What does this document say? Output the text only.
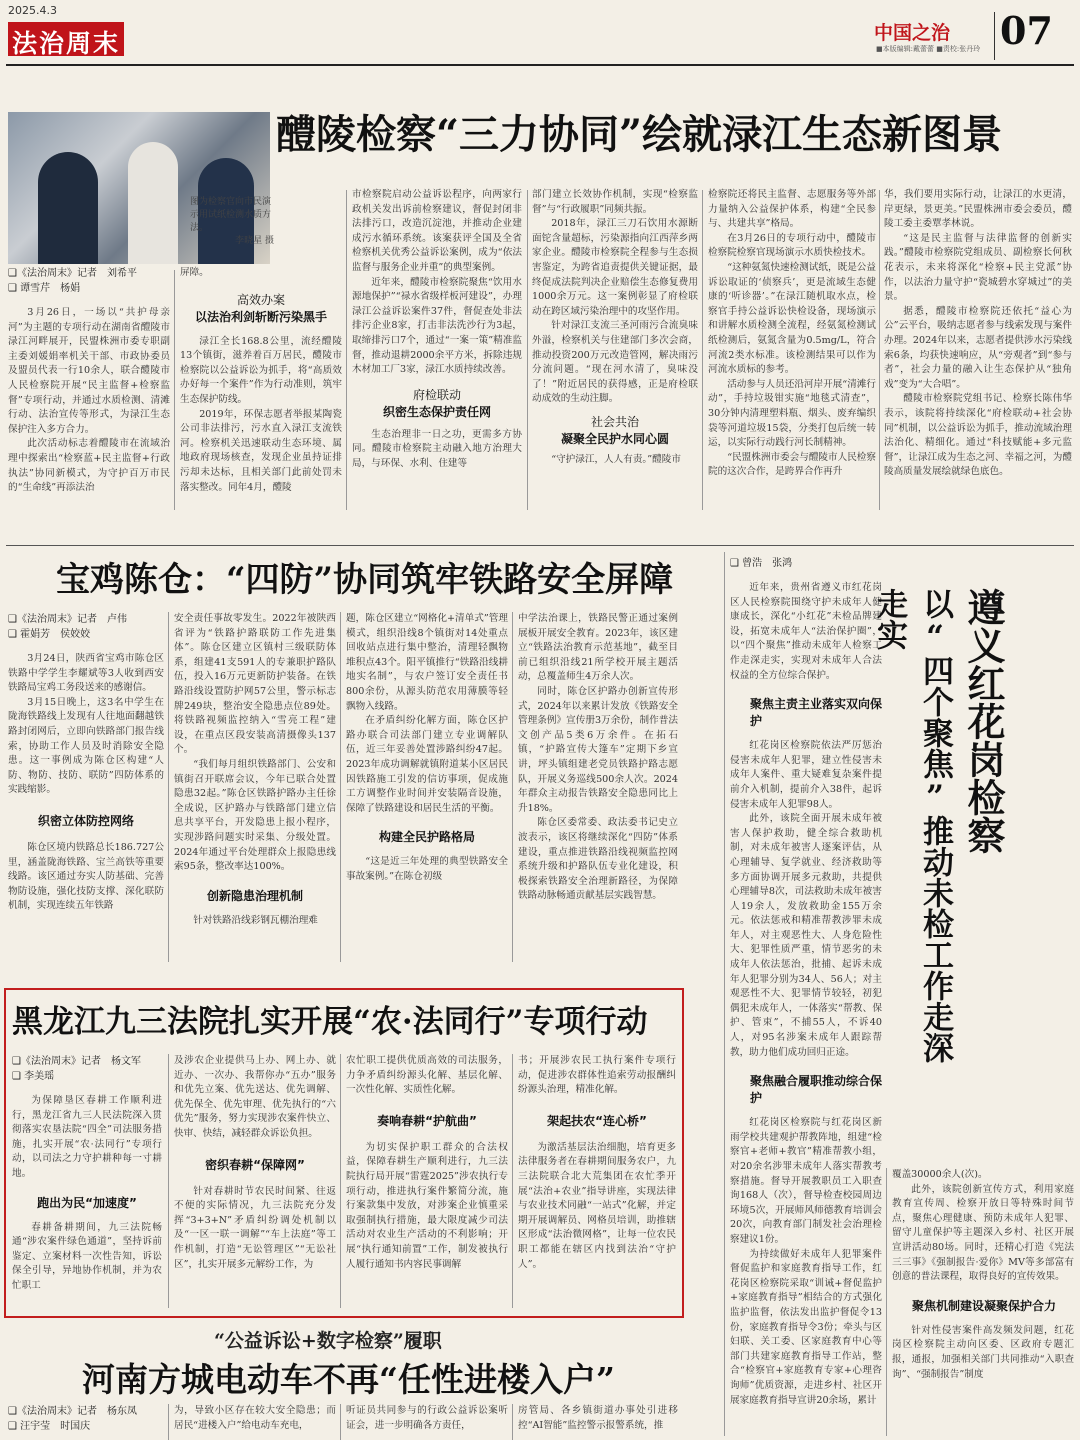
2025.4.3
法治周末	中国之治
■本版编辑:戴蕾蕾 ■责校:张丹玲 07
图为检察官向市民演示用试纸检测水质方法。

李晓星 摄
醴陵检察“三力协同”绘就渌江生态新图景
❑《法治周末》记者　刘希平
❑ 谭雪芹　杨娟

3月26日，一场以“共护母亲河”为主题的专项行动在湖南省醴陵市渌江河畔展开，民盟株洲市委专职副主委刘媛娟率机关干部、市政协委员及盟员代表一行10余人，联合醴陵市人民检察院开展“民主监督+检察监督”专项行动，并通过水质检测、清滩行动、法治宣传等形式，为渌江生态保护注入多方合力。

此次活动标志着醴陵市在流域治理中探索出“检察蓝+民主监督+行政执法”协同新模式，为守护百万市民的“生命线”再添法治

屏障。

高效办案
以法治利剑斩断污染黑手

渌江全长168.8公里，流经醴陵13个镇街，滋养着百万居民，醴陵市检察院以公益诉讼为抓手，将“高质效办好每一个案件”作为行动准则，筑牢生态保护防线。

2019年，环保志愿者举报某陶瓷公司非法排污，污水直入渌江支流铁河。检察机关迅速联动生态环境、属地政府现场核查，发现企业虽持证排污却未达标，且相关部门此前处罚未落实整改。同年4月，醴陵

市检察院启动公益诉讼程序，向两家行政机关发出诉前检察建议，督促封闭非法排污口，改造沉淀池，并推动企业建成污水循环系统。该案获评全国及全省检察机关优秀公益诉讼案例，成为“依法监督与服务企业并重”的典型案例。

近年来，醴陵市检察院聚焦“饮用水源地保护”“禄水省级样板河建设”，办理渌江公益诉讼案件37件，督促查处非法排污企业8家，打击非法洗沙行为3起，取缔排污口7个，通过“一案一策”精准监督，推动退耕2000余平方米，拆除违规木材加工厂3家，渌江水质持续改善。

府检联动
织密生态保护责任网

生态治理非一日之功，更需多方协同。醴陵市检察院主动融入地方治理大局，与环保、水利、住建等

部门建立长效协作机制，实现“检察监督”与“行政履职”同频共振。

2018年，渌江三刀石饮用水源断面铊含量超标，污染源指向江西萍乡两家企业。醴陵市检察院全程参与生态损害鉴定，为跨省追责提供关键证据，最终促成法院判决企业赔偿生态修复费用1000余万元。这一案例彰显了府检联动在跨区域污染治理中的攻坚作用。

针对渌江支流三圣河雨污合流臭味外溢，检察机关与住建部门多次会商，推动投资200万元改造管网，解决雨污分流问题。“现在河水清了，臭味没了！”附近居民的获得感，正是府检联动成效的生动注脚。

社会共治
凝聚全民护水同心圆

“守护渌江，人人有责。”醴陵市

检察院还将民主监督、志愿服务等外部力量纳入公益保护体系，构建“全民参与、共建共享”格局。

在3月26日的专项行动中，醴陵市检察院检察官现场演示水质快检技术。

“这种氨氮快速检测试纸，既是公益诉讼取证的‘侦察兵’，更是流域生态健康的‘听诊器’。”在渌江随机取水点，检察官手持公益诉讼快检设备，现场演示和讲解水质检测全流程，经氨氮检测试纸检测后，氨氮含量为0.5mg/L，符合河流2类水标准。该检测结果可以作为河流水质标的参考。

活动参与人员还沿河岸开展“清滩行动”，手持垃圾钳实施“地毯式清查”，30分钟内清理塑料瓶、烟头、废弃编织袋等河道垃圾15袋，分类打包后统一转运，以实际行动践行河长制精神。

“民盟株洲市委会与醴陵市人民检察院的这次合作，是跨界合作再升

华，我们要用实际行动，让渌江的水更清，岸更绿，景更美。”民盟株洲市委会委员，醴陵工委主委覃孝林说。

“这是民主监督与法律监督的创新实践。”醴陵市检察院党组成员、副检察长何秋花表示，未来将深化“检察+民主党派”协作，以法治力量守护“瓷城碧水穿城过”的美景。

据悉，醴陵市检察院还依托“益心为公”云平台，吸纳志愿者参与线索发现与案件办理。2024年以来，志愿者提供涉水污染线索6条，均获快速响应，从“旁观者”到“参与者”，社会力量的融入让生态保护从“独角戏”变为“大合唱”。

醴陵市检察院党组书记、检察长陈伟华表示，该院将持续深化“府检联动+社会协同”机制，以公益诉讼为抓手，推动流域治理法治化、精细化。通过“科技赋能+多元监督”，让渌江成为生态之河、幸福之河，为醴陵高质量发展绘就绿色底色。

宝鸡陈仓：“四防”协同筑牢铁路安全屏障
❑《法治周末》记者　卢伟
❑ 霍娟芳　侯姣姣

3月24日，陕西省宝鸡市陈仓区铁路中学学生李耀斌等3人收到西安铁路局宝鸡工务段送来的感谢信。

3月15日晚上，这3名中学生在陇海铁路线上发现有人往地面翻越铁路封闭网后，立即向铁路部门报告线索，协助工作人员及时消除安全隐患。这一事例成为陈仓区构建“人防、物防、技防、联防”四防体系的实践缩影。

织密立体防控网络

陈仓区境内铁路总长186.727公里，涵盖陇海铁路、宝兰高铁等重要线路。该区通过夯实人防基础、完善物防设施，强化技防支撑、深化联防机制，实现连续五年铁路

安全责任事故零发生。2022年被陕西省评为“铁路护路联防工作先进集体”。陈仓区建立区镇村三级联防体系，组建41支591人的专兼职护路队伍，投入16万元更新防护装备。在铁路沿线设置防护网57公里，警示标志牌249块，整治安全隐患点位89处。将铁路视频监控纳入“雪亮工程”建设，在重点区段安装高清摄像头137个。

“我们每月组织铁路部门、公安和镇街召开联席会议，今年已联合处置隐患32起。”陈仓区铁路护路办主任徐全成说，区护路办与铁路部门建立信息共享平台，开发隐患上报小程序，实现涉路问题实时采集、分级处置。2024年通过平台处理群众上报隐患线索95条，整改率达100%。

创新隐患治理机制

针对铁路沿线彩钢瓦棚治理难

题，陈仓区建立“网格化+清单式”管理模式，组织沿线8个镇街对14处重点回收站点进行集中整治，清理轻飘物堆积点43个。阳平镇推行“铁路沿线耕地实名制”，与农户签订安全责任书800余份，从源头防范农用薄膜等轻飘物入线路。

在矛盾纠纷化解方面，陈仓区护路办联合司法部门建立专业调解队伍，近三年妥善处置涉路纠纷47起。2023年成功调解就镇附道某小区居民因铁路施工引发的信访事项，促成施工方调整作业时间并安装隔音设施，保障了铁路建设和居民生活的平衡。

构建全民护路格局

“这是近三年处理的典型铁路安全事故案例。”在陈仓初级

中学法治课上，铁路民警正通过案例展板开展安全教育。2023年，该区建立“铁路法治教育示范基地”，截至目前已组织沿线21所学校开展主题活动，总覆盖师生4万余人次。

同时，陈仓区护路办创新宣传形式，2024年以来累计发放《铁路安全管理条例》宣传册3万余份，制作普法文创产品5类6万余件。在拓石镇，“护路宣传大篷车”定期下乡宣讲，坪头镇组建老党员铁路护路志愿队，开展义务巡线500余人次。2024年群众主动报告铁路安全隐患同比上升18%。

陈仓区委常委、政法委书记史立波表示，该区将继续深化“四防”体系建设，重点推进铁路沿线视频监控网系统升级和护路队伍专业化建设，积极探索铁路安全治理新路径，为保障铁路动脉畅通贡献基层实践智慧。

❑ 曾浩　张鸿

近年来，贵州省遵义市红花岗区人民检察院围绕守护未成年人健康成长，深化“小红花”未检品牌建设，拓宽未成年人“法治保护圈”，以“四个聚焦”推动未成年人检察工作走深走实，实现对未成年人合法权益的全方位综合保护。

聚焦主责主业落实双向保护

红花岗区检察院依法严厉惩治侵害未成年人犯罪，建立性侵害未成年人案件、重大疑难复杂案件提前介入机制，提前介入38件，起诉侵害未成年人犯罪98人。

此外，该院全面开展未成年被害人保护救助，健全综合救助机制，对未成年被害人逐案评估，从心理辅导、复学就业、经济救助等多方面协调开展多元救助，共提供心理辅导8次，司法救助未成年被害人19余人，发放救助金155万余元。依法惩戒和精准帮教涉罪未成年人，对主观恶性大、人身危险性大、犯罪性质严重，情节恶劣的未成年人依法惩治，批捕、起诉未成年人犯罪分别为34人、56人；对主观恶性不大、犯罪情节较轻，初犯偶犯未成年人，一体落实“帮教、保护、管束”，不捕55人，不诉40人，对95名涉案未成年人跟踪帮教，助力他们成功回归正途。

聚焦融合履职推动综合保护

红花岗区检察院与红花岗区新雨学校共建观护帮教阵地，组建“检察官+老师+教官”精准帮教小组，对20余名涉罪未成年人落实帮教考察措施。督导开展教职员工入职查询168人（次），督导检查校园周边环境5次，开展师风师德教育培训会20次，向教育部门制发社会治理检察建议1份。

为持续做好未成年人犯罪案件督促监护和家庭教育指导工作，红花岗区检察院采取“训诫+督促监护+家庭教育指导”相结合的方式强化监护监督，依法发出监护督促令13份，家庭教育指导令3份；牵头与区妇联、关工委、区家庭教育中心等部门共建家庭教育指导工作站，整合“检察官+家庭教育专家+心理咨询师”优质资源，走进乡村、社区开展家庭教育指导宣讲20余场，累计

遵义红花岗检察
以“四个聚焦”推动未检工作走深走实

覆盖30000余人(次)。

此外，该院创新宣传方式，利用家庭教育宣传周、检察开放日等特殊时间节点，聚焦心理健康、预防未成年人犯罪、留守儿童保护等主题深入乡村、社区开展宣讲活动80场。同时，还精心打造《宪法三三事》《强制报告·爱你》MV等多部富有创意的普法课程，取得良好的宣传效果。

聚焦机制建设凝聚保护合力

针对性侵害案件高发频发问题，红花岗区检察院主动向区委、区政府专题汇报，通报，加强相关部门共同推动“入职查询”、“强制报告”制度

黑龙江九三法院扎实开展“农·法同行”专项行动
❑《法治周末》记者　杨文军
❑ 李美瑶

为保障垦区春耕工作顺利进行，黑龙江省九三人民法院深入贯彻落实农垦法院“四全”司法服务措施，扎实开展“农·法同行”专项行动，以司法之力守护耕种每一寸耕地。

跑出为民“加速度”

春耕备耕期间，九三法院畅通“涉农案件绿色通道”，坚持诉前鉴定、立案材料一次性告知，诉讼保全引导，异地协作机制，并为农忙职工

及涉农企业提供马上办、网上办、就近办、一次办、我帮你办“五办”服务和优先立案、优先送达、优先调解、优先保全、优先审理、优先执行的“六优先”服务，努力实现涉农案件快立、快审、快结，减轻群众诉讼负担。

密织春耕“保障网”

针对春耕时节农民时间紧、往返不便的实际情况，九三法院充分发挥“3+3+N”矛盾纠纷调处机制以及“一区一联一调解”“车上法庭”等工作机制，打造“无讼管理区”“无讼社区”，扎实开展多元解纷工作，为

农忙职工提供优质高效的司法服务，力争矛盾纠纷源头化解、基层化解、一次性化解、实质性化解。

奏响春耕“护航曲”

为切实保护职工群众的合法权益，保障春耕生产顺利进行，九三法院执行局开展“雷霆2025”涉农执行专项行动，推进执行案件繁简分流，施行案款集中发放，对涉案企业慎重采取强制执行措施，最大限度减少司法活动对农业生产活动的不利影响；开展“执行通知前置”工作，制发被执行人履行通知书内容民事调解

书；开展涉农民工执行案件专项行动，促进涉农群体性追索劳动报酬纠纷源头治理，精准化解。

架起扶农“连心桥”

为激活基层法治细胞，培育更多法律服务者在春耕期间服务农户，九三法院联合北大荒集团在农忙季开展“法治+农业”指导讲座，实现法律与农业技术同融“一站式”化解，并定期开展调解员、网格员培训，助推辖区形成“法治微网格”，让每一位农民职工都能在辖区内找到法治“守护人”。

“公益诉讼+数字检察”履职
河南方城电动车不再“任性进楼入户”
❑《法治周末》记者　杨东凤
❑ 汪宇莹　时国庆

为，导致小区存在较大安全隐患；而居民“进楼入户”给电动车充电，

听证员共同参与的行政公益诉讼案听证会，进一步明确各方责任，

房管局、各乡镇街道办事处引进移控“AI智能”监控警示报警系统，推
